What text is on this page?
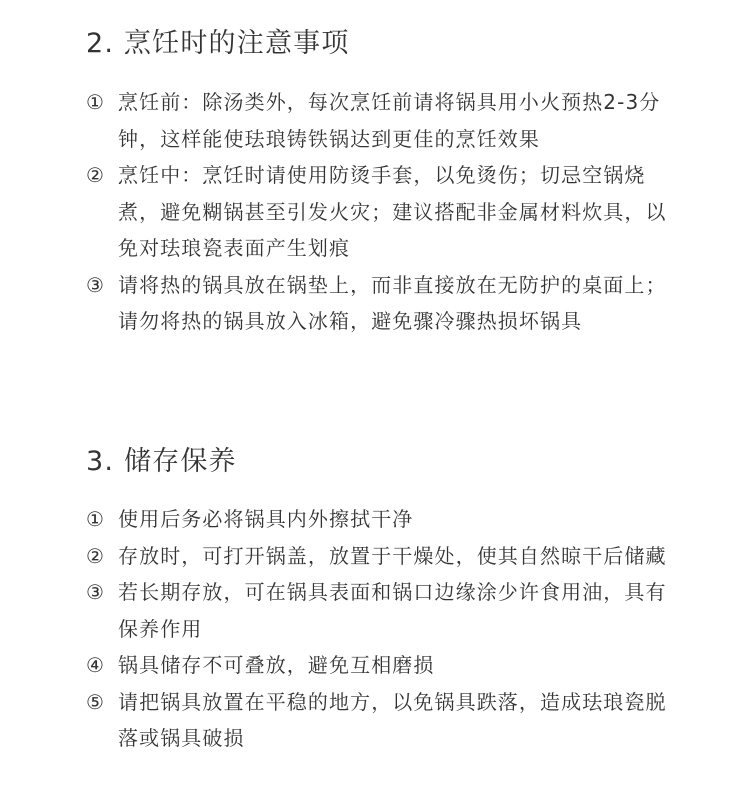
2. 烹饪时的注意事项
① 烹饪前：除汤类外，每次烹饪前请将锅具用小火预热2-3分钟，这样能使珐琅铸铁锅达到更佳的烹饪效果
② 烹饪中：烹饪时请使用防烫手套，以免烫伤；切忌空锅烧煮，避免糊锅甚至引发火灾；建议搭配非金属材料炊具，以免对珐琅瓷表面产生划痕
③ 请将热的锅具放在锅垫上，而非直接放在无防护的桌面上；请勿将热的锅具放入冰箱，避免骤冷骤热损坏锅具
3. 储存保养
① 使用后务必将锅具内外擦拭干净
② 存放时，可打开锅盖，放置于干燥处，使其自然晾干后储藏
③ 若长期存放，可在锅具表面和锅口边缘涂少许食用油，具有保养作用
④ 锅具储存不可叠放，避免互相磨损
⑤ 请把锅具放置在平稳的地方，以免锅具跌落，造成珐琅瓷脱落或锅具破损
